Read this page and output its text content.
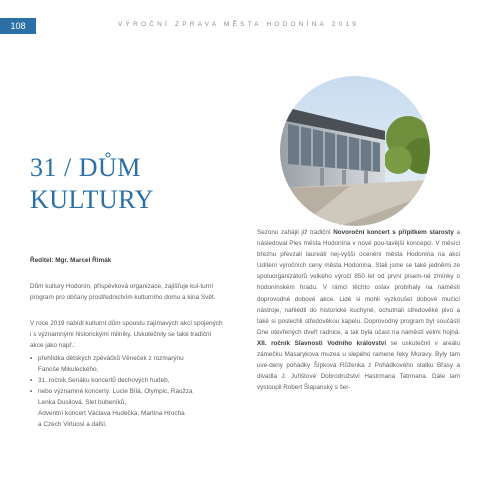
108	VÝROČNÍ ZPRAVA MĚSTA HODONÍNA 2019
31 / DŮM
KULTURY

Ředitel: Mgr. Marcel Řimák

Dům kultury Hodonín, příspěvková organizace, zajišťuje kul-turní program pro občany prostřednictvím kulturního domu a kina Svět.

V roce 2019 nabídl kulturní dům spoustu zajímavých akcí spojených i s významnými historickými milníky. Uskutečnily se také tradiční akce jako např.:

• přehlídka dětských zpěváčků Věneček z rozmarýnu
Fanoše Mikuleckého,
• 31. ročník Senáku koncertů dechových hudeb,
• nebo významné koncerty: Lucie Bílá, Olympic, Raožza
Lenka Dusilová, Slet bubeníků,
Adventní koncert Václava Hudečka, Martina Hrocha
a Czech Virtuosi a další.

Sezonu zahájil již tradiční Novoroční koncert s přípitkem starosty a následoval Ples města Hodonína v nové pou-tavější koncepci. V měsíci březnu převzali laureáti nej-vyšší ocenění města Hodonína na akci Udílení výročních ceny města Hodonína. Stali jsme se také jedněmi ze spoluorganizátorů velkého výročí 850 let od první písem-né zmínky o hodonínském hradu. V rámci těchto oslav probíhaly na náměstí doprovodné dobové akce. Lidé si mohli vyzkoušet dobové mučicí nástroje, nahlédli do historické kuchyně, ochutnali středověké pivo a také si poslechli středověkou kapelu. Doprovodný program byl součástí Dne otevřených dveří radnice, a tak byla účast na náměstí velmi hojná. XII. ročník Slavnosti Vodního království se uskutečnil v areálu zámečku Masarykova muzea u slepého ramene řeky Moravy. Byly tam uve-deny pohádky Šípková Růženka z Pohádkového statku Břasy a divadla J. Juřištové Dobrodružství Hastrmana Tatrmana. Dále tam vystoupil Robert Šlapanský s šer-
